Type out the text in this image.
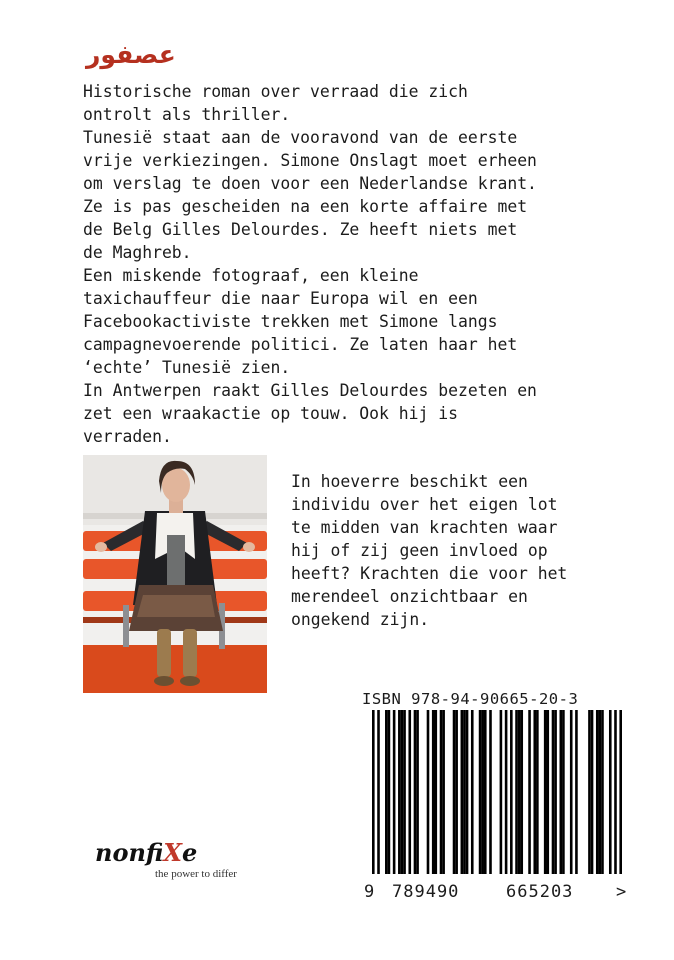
عصفور

Historische roman over verraad die zich

ontrolt als thriller.

Tunesië staat aan de vooravond van de eerste

vrije verkiezingen. Simone Onslagt moet erheen

om verslag te doen voor een Nederlandse krant.

Ze is pas gescheiden na een korte affaire met

de Belg Gilles Delourdes. Ze heeft niets met

de Maghreb.

Een miskende fotograaf, een kleine

taxichauffeur die naar Europa wil en een

Facebookactiviste trekken met Simone langs

campagnevoerende politici. Ze laten haar het

‘echte’ Tunesië zien.

In Antwerpen raakt Gilles Delourdes bezeten en

zet een wraakactie op touw. Ook hij is

verraden.

In hoeverre beschikt een
individu over het eigen lot
te midden van krachten waar
hij of zij geen invloed op
heeft? Krachten die voor het
merendeel onzichtbaar en
ongekend zijn.
ISBN 978-94-90665-20-3
9 789490	665203	>
nonfiXe
the power to differ
